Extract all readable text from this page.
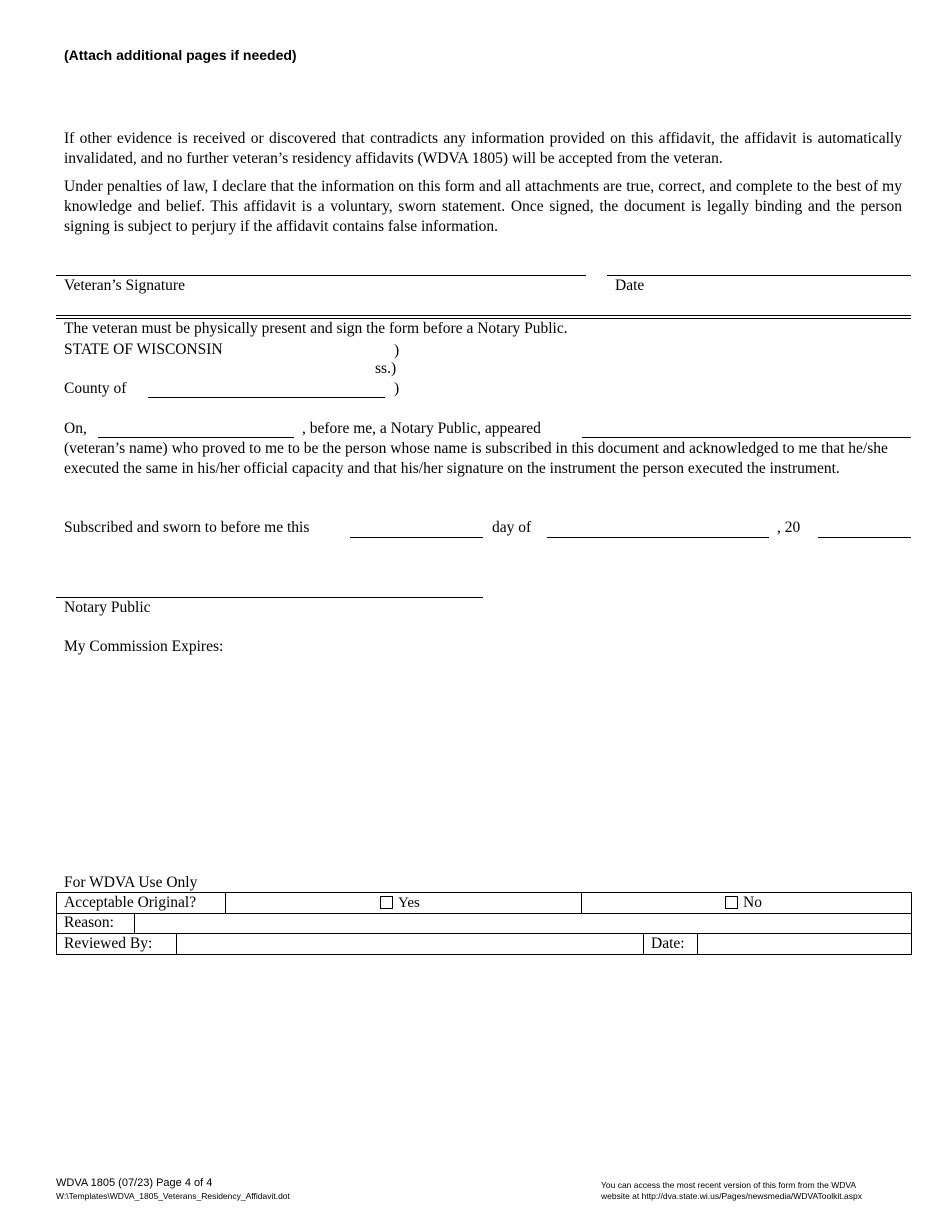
(Attach additional pages if needed)
If other evidence is received or discovered that contradicts any information provided on this affidavit, the affidavit is automatically invalidated, and no further veteran’s residency affidavits (WDVA 1805) will be accepted from the veteran.
Under penalties of law, I declare that the information on this form and all attachments are true, correct, and complete to the best of my knowledge and belief. This affidavit is a voluntary, sworn statement. Once signed, the document is legally binding and the person signing is subject to perjury if the affidavit contains false information.
Veteran’s Signature	Date
The veteran must be physically present and sign the form before a Notary Public.
STATE OF WISCONSIN	)
ss.)
County of	)
On,	, before me, a Notary Public, appeared
(veteran’s name) who proved to me to be the person whose name is subscribed in this document and acknowledged to me that he/she executed the same in his/her official capacity and that his/her signature on the instrument the person executed the instrument.
Subscribed and sworn to before me this	day of	, 20
Notary Public
My Commission Expires:
For WDVA Use Only
Acceptable Original?	Yes	No
Reason:
Reviewed By:	Date:
WDVA 1805 (07/23) Page 4 of 4
W:\Templates\WDVA_1805_Veterans_Residency_Affidavit.dot
You can access the most recent version of this form from the WDVA
website at http://dva.state.wi.us/Pages/newsmedia/WDVAToolkit.aspx
